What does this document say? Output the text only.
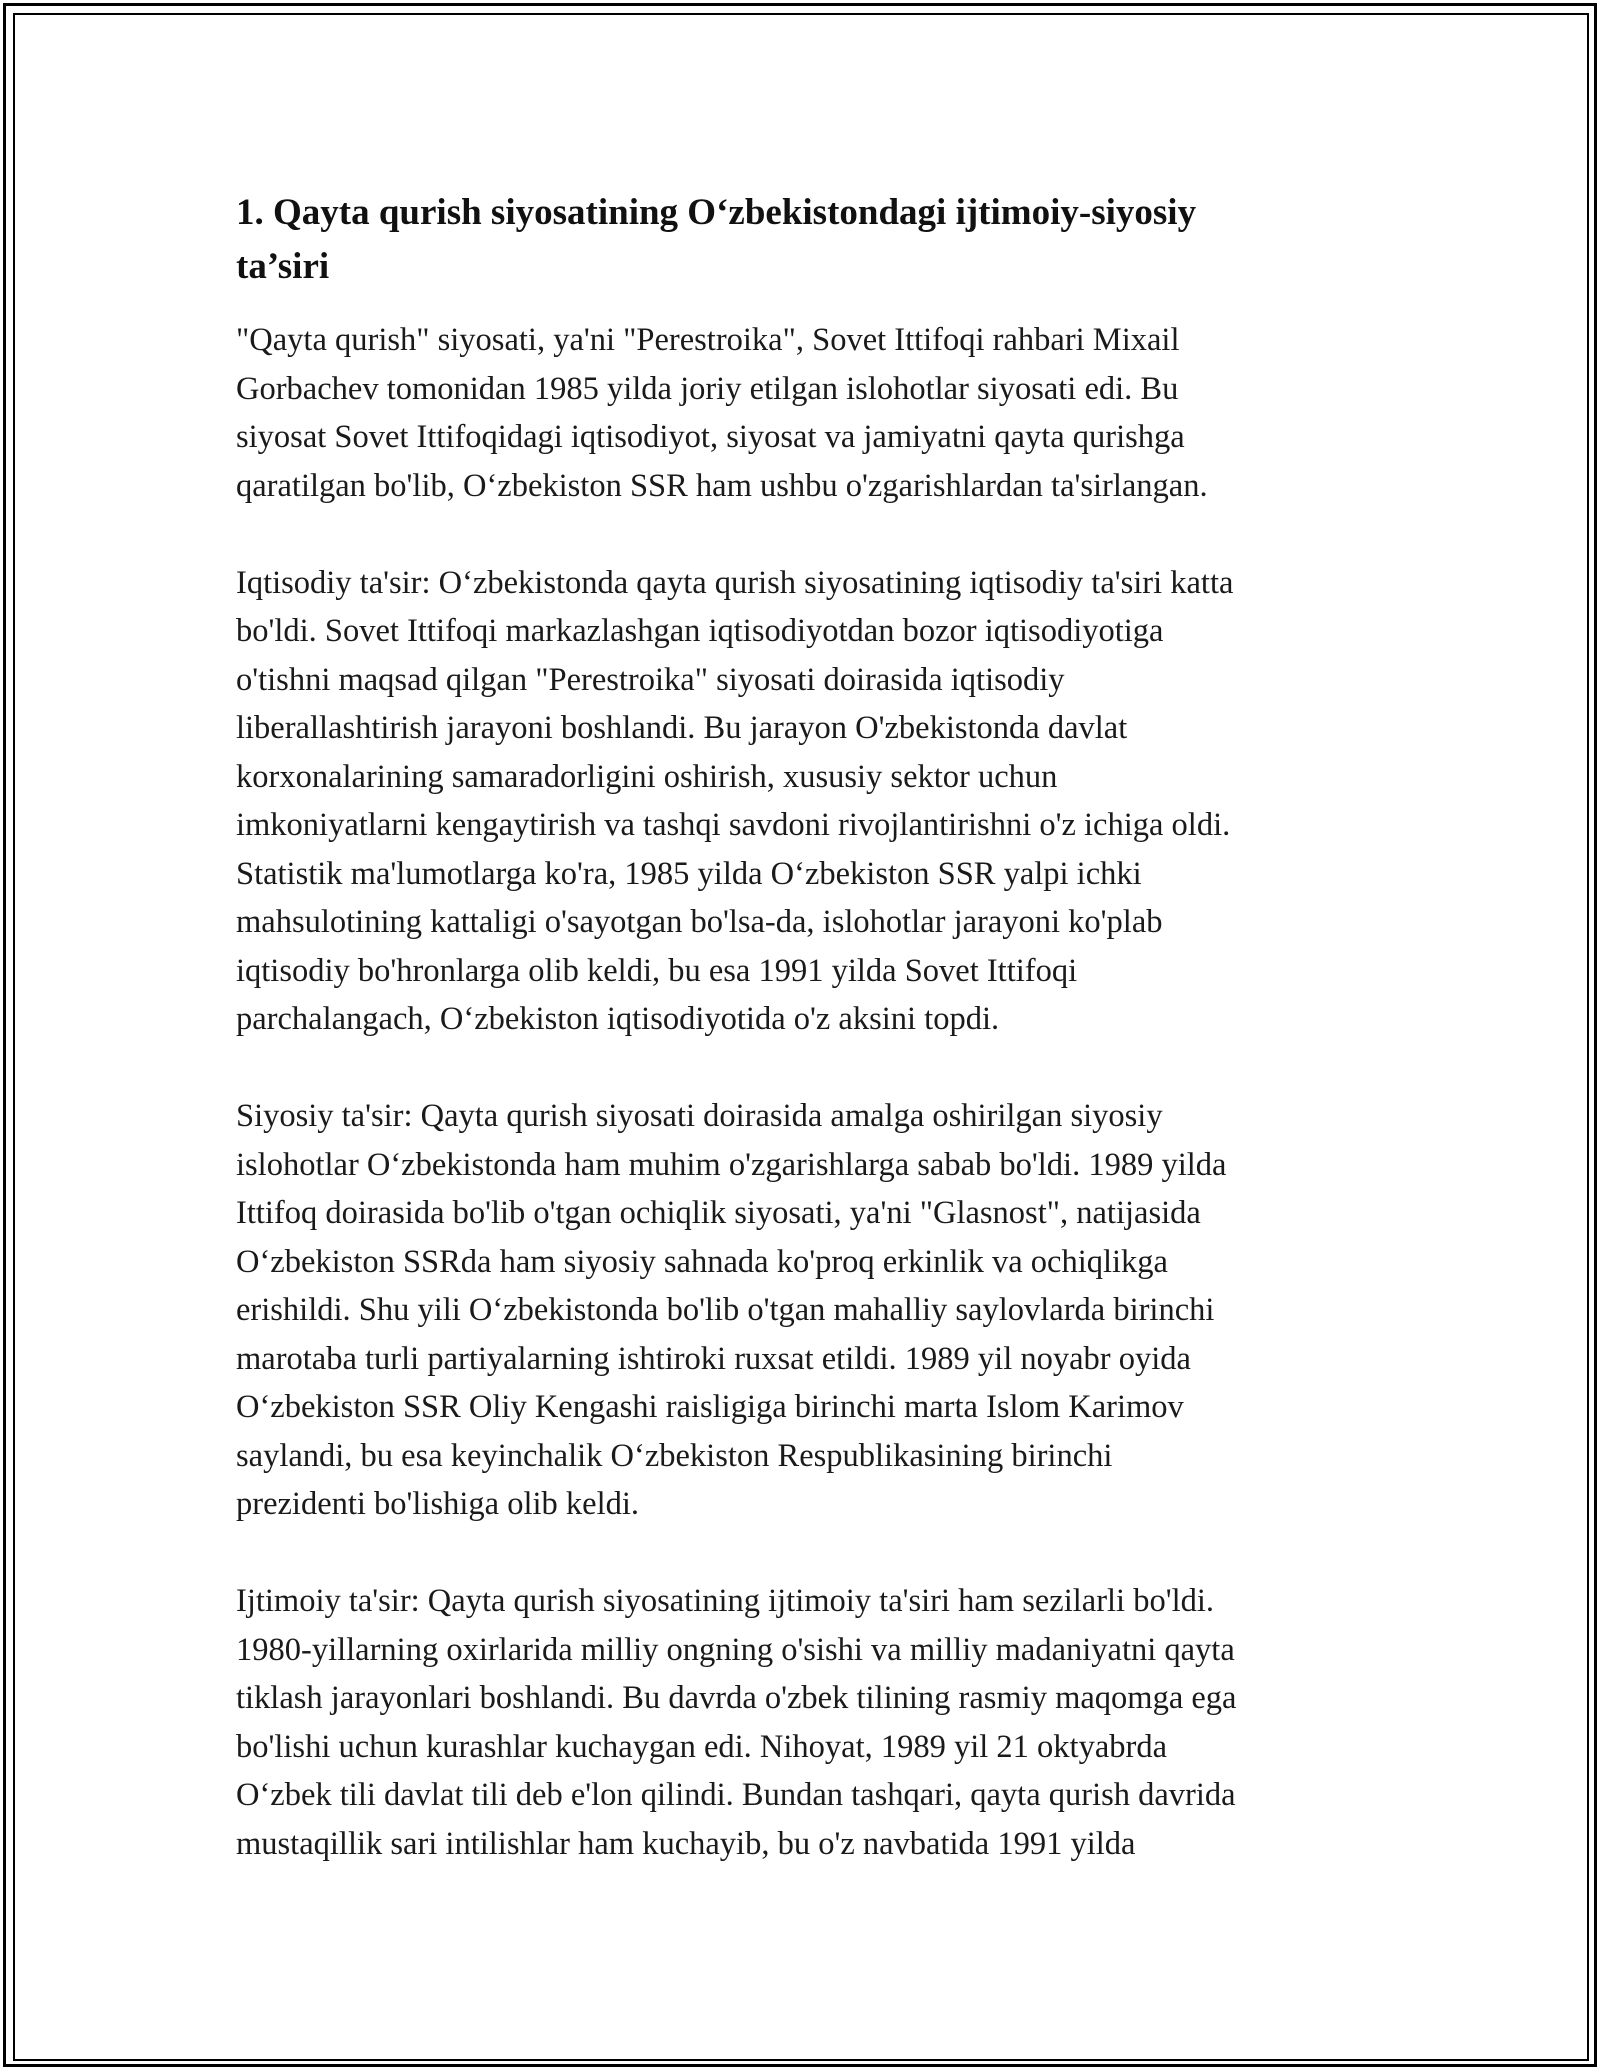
1. Qayta qurish siyosatining O‘zbekistondagi ijtimoiy-siyosiy
ta’siri
"Qayta qurish" siyosati, ya'ni "Perestroika", Sovet Ittifoqi rahbari Mixail
Gorbachev tomonidan 1985 yilda joriy etilgan islohotlar siyosati edi. Bu
siyosat Sovet Ittifoqidagi iqtisodiyot, siyosat va jamiyatni qayta qurishga
qaratilgan bo'lib, O‘zbekiston SSR ham ushbu o'zgarishlardan ta'sirlangan.
Iqtisodiy ta'sir: O‘zbekistonda qayta qurish siyosatining iqtisodiy ta'siri katta
bo'ldi. Sovet Ittifoqi markazlashgan iqtisodiyotdan bozor iqtisodiyotiga
o'tishni maqsad qilgan "Perestroika" siyosati doirasida iqtisodiy
liberallashtirish jarayoni boshlandi. Bu jarayon O'zbekistonda davlat
korxonalarining samaradorligini oshirish, xususiy sektor uchun
imkoniyatlarni kengaytirish va tashqi savdoni rivojlantirishni o'z ichiga oldi.
Statistik ma'lumotlarga ko'ra, 1985 yilda O‘zbekiston SSR yalpi ichki
mahsulotining kattaligi o'sayotgan bo'lsa-da, islohotlar jarayoni ko'plab
iqtisodiy bo'hronlarga olib keldi, bu esa 1991 yilda Sovet Ittifoqi
parchalangach, O‘zbekiston iqtisodiyotida o'z aksini topdi.
Siyosiy ta'sir: Qayta qurish siyosati doirasida amalga oshirilgan siyosiy
islohotlar O‘zbekistonda ham muhim o'zgarishlarga sabab bo'ldi. 1989 yilda
Ittifoq doirasida bo'lib o'tgan ochiqlik siyosati, ya'ni "Glasnost", natijasida
O‘zbekiston SSRda ham siyosiy sahnada ko'proq erkinlik va ochiqlikga
erishildi. Shu yili O‘zbekistonda bo'lib o'tgan mahalliy saylovlarda birinchi
marotaba turli partiyalarning ishtiroki ruxsat etildi. 1989 yil noyabr oyida
O‘zbekiston SSR Oliy Kengashi raisligiga birinchi marta Islom Karimov
saylandi, bu esa keyinchalik O‘zbekiston Respublikasining birinchi
prezidenti bo'lishiga olib keldi.
Ijtimoiy ta'sir: Qayta qurish siyosatining ijtimoiy ta'siri ham sezilarli bo'ldi.
1980-yillarning oxirlarida milliy ongning o'sishi va milliy madaniyatni qayta
tiklash jarayonlari boshlandi. Bu davrda o'zbek tilining rasmiy maqomga ega
bo'lishi uchun kurashlar kuchaygan edi. Nihoyat, 1989 yil 21 oktyabrda
O‘zbek tili davlat tili deb e'lon qilindi. Bundan tashqari, qayta qurish davrida
mustaqillik sari intilishlar ham kuchayib, bu o'z navbatida 1991 yilda
